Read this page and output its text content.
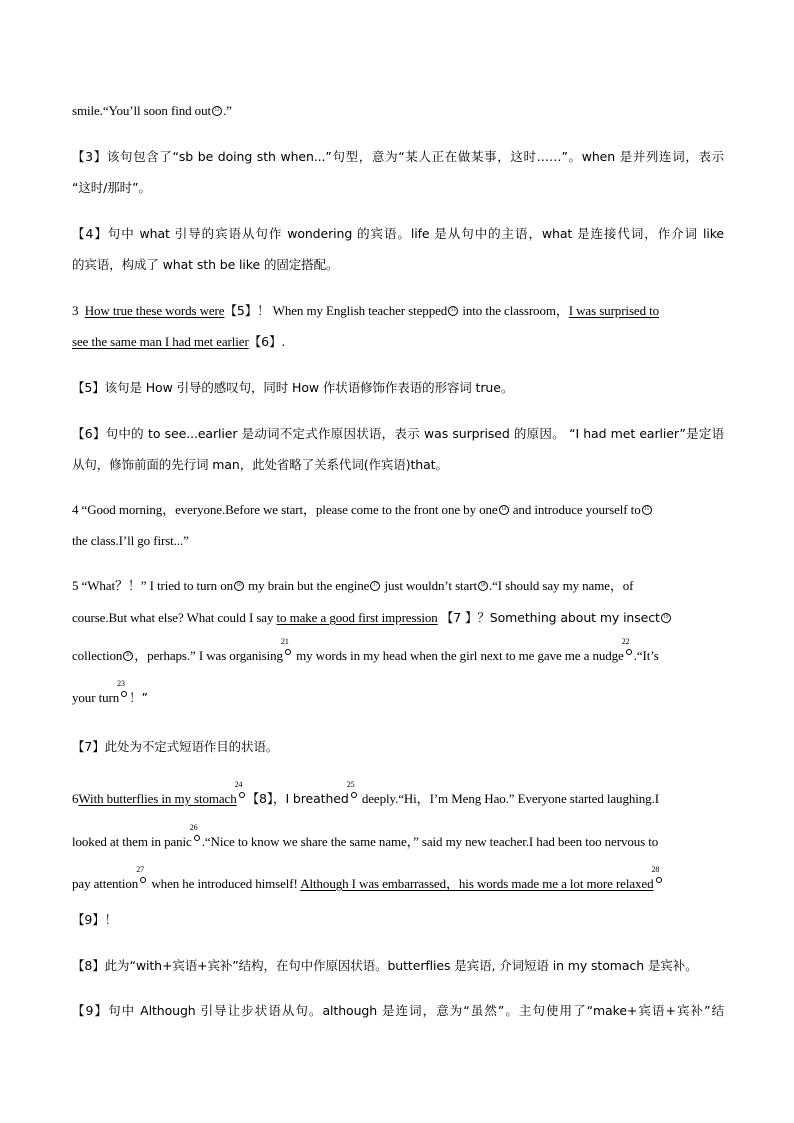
smile.“You’ll soon find out 12 .”
【3】该句包含了“sb be doing sth when...”句型，意为“某人正在做某事，这时……”。when 是并列连词，表示
“这时/那时”。
【4】句中 what 引导的宾语从句作 wondering 的宾语。life 是从句中的主语，what 是连接代词，作介词 like
的宾语，构成了 what sth be like 的固定搭配。
3 How true these words were【5】！ When my English teacher stepped 13 into the classroom，I was surprised to
see the same man I had met earlier【6】.
【5】该句是 How 引导的感叹句，同时 How 作状语修饰作表语的形容词 true。
【6】句中的 to see...earlier 是动词不定式作原因状语，表示 was surprised 的原因。 “I had met earlier”是定语
从句，修饰前面的先行词 man，此处省略了关系代词(作宾语)that。
4 “Good morning，everyone.Before we start，please come to the front one by one 14 and introduce yourself to 15
the class.I’ll go first...”
5 “What？！” I tried to turn on 16 my brain but the engine 17 just wouldn’t start 18 .“I should say my name，of
course.But what else? What could I say to make a good first impression 【7 】？Something about my insect 19
collection 20 ，perhaps.” I was organising
21
my words in my head when the girl next to me gave me a nudge
22
.“It’s
your turn
23
！”
【7】此处为不定式短语作目的状语。
6With butterflies in my stomach
24
【8】，I breathed
25
deeply.“Hi，I’m Meng Hao.” Everyone started laughing.I
looked at them in panic
26
.“Nice to know we share the same name，” said my new teacher.I had been too nervous to
pay attention
27
when he introduced himself! Although I was embarrassed，his words made me a lot more relaxed
28
【9】！
【8】此为“with+宾语+宾补”结构，在句中作原因状语。butterflies 是宾语, 介词短语 in my stomach 是宾补。
【9】句中 Although 引导让步状语从句。although 是连词，意为“虽然”。主句使用了“make+宾语+宾补”结
